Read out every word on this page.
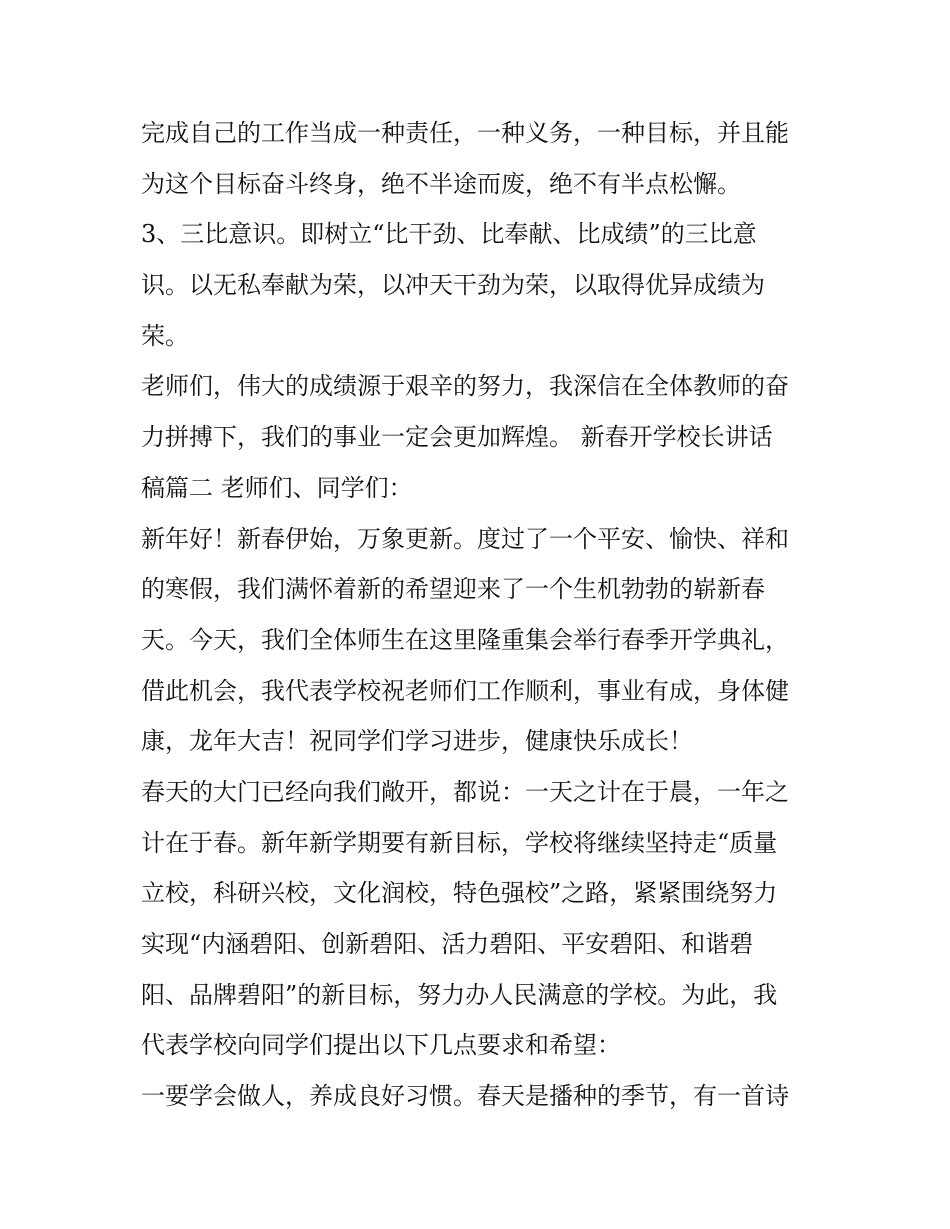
完成自己的工作当成一种责任，一种义务，一种目标，并且能
为这个目标奋斗终身，绝不半途而废，绝不有半点松懈。
3、三比意识。即树立“比干劲、比奉献、比成绩”的三比意
识。以无私奉献为荣，以冲天干劲为荣，以取得优异成绩为
荣。
老师们，伟大的成绩源于艰辛的努力，我深信在全体教师的奋
力拼搏下，我们的事业一定会更加辉煌。 新春开学校长讲话
稿篇二 老师们、同学们：
新年好！新春伊始，万象更新。度过了一个平安、愉快、祥和
的寒假，我们满怀着新的希望迎来了一个生机勃勃的崭新春
天。今天，我们全体师生在这里隆重集会举行春季开学典礼，
借此机会，我代表学校祝老师们工作顺利，事业有成，身体健
康，龙年大吉！祝同学们学习进步，健康快乐成长！
春天的大门已经向我们敞开，都说：一天之计在于晨，一年之
计在于春。新年新学期要有新目标，学校将继续坚持走“质量
立校，科研兴校，文化润校，特色强校”之路，紧紧围绕努力
实现“内涵碧阳、创新碧阳、活力碧阳、平安碧阳、和谐碧
阳、品牌碧阳”的新目标，努力办人民满意的学校。为此，我
代表学校向同学们提出以下几点要求和希望：
一要学会做人，养成良好习惯。春天是播种的季节，有一首诗
